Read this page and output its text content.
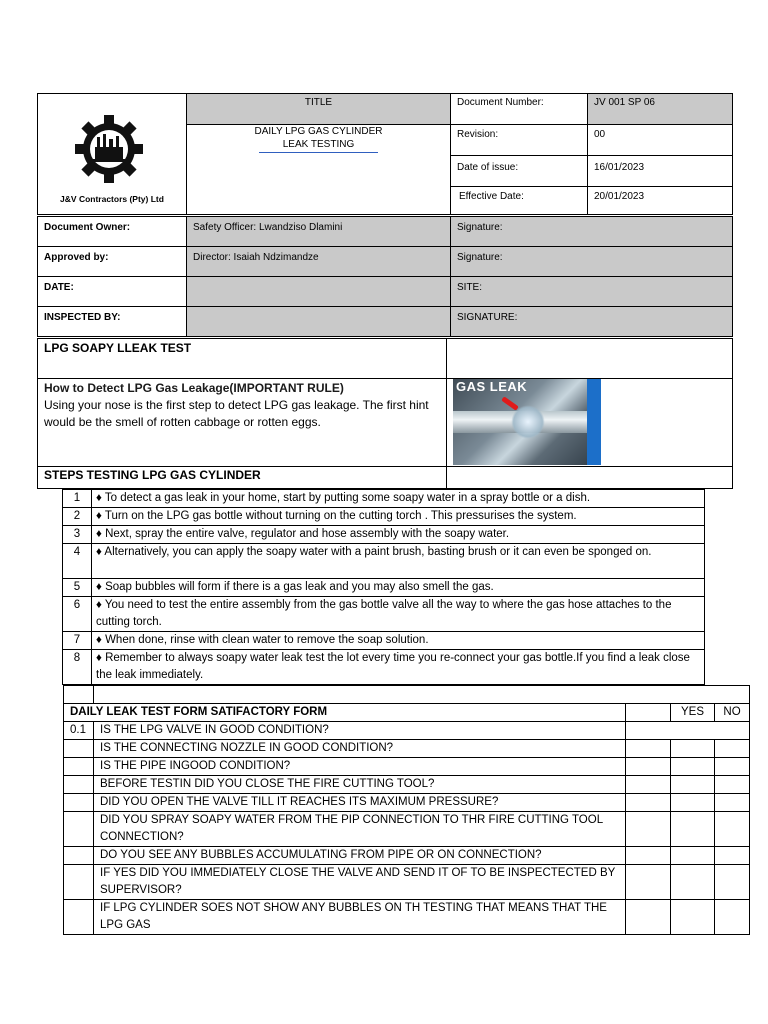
J&V Contractors (Pty) Ltd	TITLE	Document Number:	JV 001 SP 06

	DAILY LPG GAS CYLINDER
LEAK TESTING	Revision:	00
		Date of issue:	16/01/2023
		Effective Date:	20/01/2023
Document Owner:	Safety Officer: Lwandziso Dlamini	Signature:
Approved by:	Director: Isaiah Ndzimandze	Signature:
DATE:		SITE:
INSPECTED BY:		SIGNATURE:
LPG SOAPY LLEAK TEST	

How to Detect LPG Gas Leakage(IMPORTANT RULE)
Using your nose is the first step to detect LPG gas leakage. The first hint would be the smell of rotten cabbage or rotten eggs.	GAS LEAK

STEPS TESTING LPG GAS CYLINDER	
1	♦ To detect a gas leak in your home, start by putting some soapy water in a spray bottle or a dish.
2	♦ Turn on the LPG gas bottle without turning on the cutting torch . This pressurises the system.
3	♦ Next, spray the entire valve, regulator and hose assembly with the soapy water.
4	♦ Alternatively, you can apply the soapy water with a paint brush, basting brush or it can even be sponged on.
5	♦ Soap bubbles will form if there is a gas leak and you may also smell the gas.
6	♦ You need to test the entire assembly from the gas bottle valve all the way to where the gas hose attaches to the cutting torch.
7	♦ When done, rinse with clean water to remove the soap solution.
8	♦ Remember to always soapy water leak test the lot every time you re-connect your gas bottle.If you find a leak close the leak immediately.

DAILY LEAK TEST FORM SATIFACTORY FORM			YES	NO
0.1	IS THE LPG VALVE IN GOOD CONDITION?			
	IS THE CONNECTING NOZZLE IN GOOD CONDITION?			
	IS THE PIPE INGOOD CONDITION?			
	BEFORE TESTIN DID YOU CLOSE THE FIRE CUTTING TOOL?			
	DID YOU OPEN THE VALVE TILL IT REACHES ITS MAXIMUM PRESSURE?			
	DID YOU SPRAY SOAPY WATER FROM THE PIP CONNECTION TO THR FIRE CUTTING TOOL CONNECTION?			
	DO YOU SEE ANY BUBBLES ACCUMULATING FROM PIPE OR ON CONNECTION?			
	IF YES DID YOU IMMEDIATELY CLOSE THE VALVE AND SEND IT OF TO BE INSPECTECTED BY SUPERVISOR?			
	IF LPG CYLINDER SOES NOT SHOW ANY BUBBLES ON TH TESTING THAT MEANS THAT THE LPG GAS			
